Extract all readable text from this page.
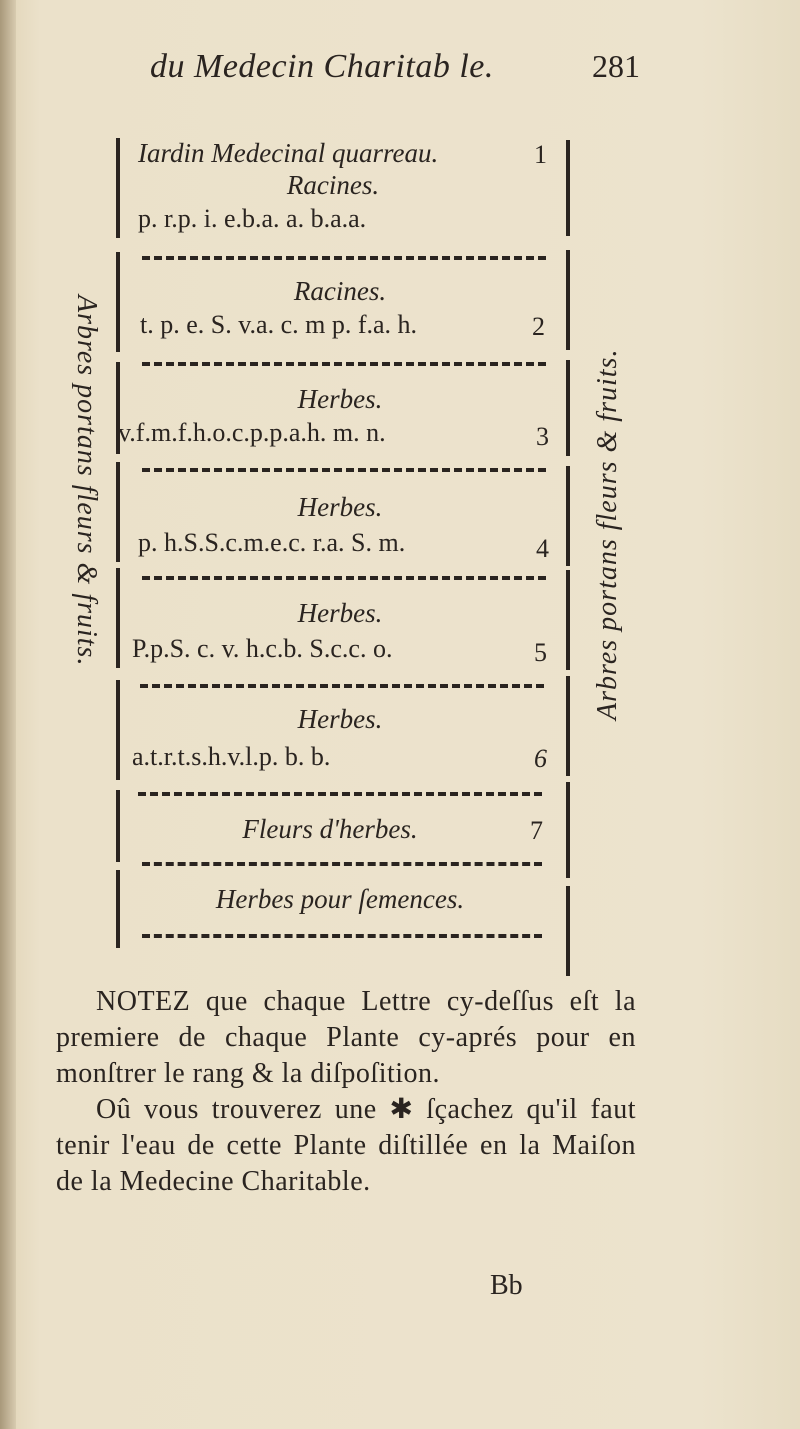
du Medecin Charitab le.	281
Arbres portans fleurs & fruits.	Arbres portans fleurs & fruits.
Iardin Medecinal quarreau.	1
Racines.
p. r.p. i. e.b.a. a. b.a.a.
Racines.
t. p. e. S. v.a. c. m p. f.a. h.	2
Herbes.
v.f.m.f.h.o.c.p.p.a.h. m. n.	3
Herbes.
p. h.S.S.c.m.e.c. r.a. S. m.	4
Herbes.
P.p.S. c. v. h.c.b. S.c.c. o.	5
Herbes.
a.t.r.t.s.h.v.l.p. b. b.	6
Fleurs d'herbes.	7
Herbes pour ſemences.

NOTEZ que chaque Lettre cy-deſſus eſt la premiere de chaque Plante cy-aprés pour en monſtrer le rang & la diſpoſition.

Oû vous trouverez une ✱ ſçachez qu'il faut tenir l'eau de cette Plante diſtillée en la Maiſon de la Medecine Charitable.

Bb
